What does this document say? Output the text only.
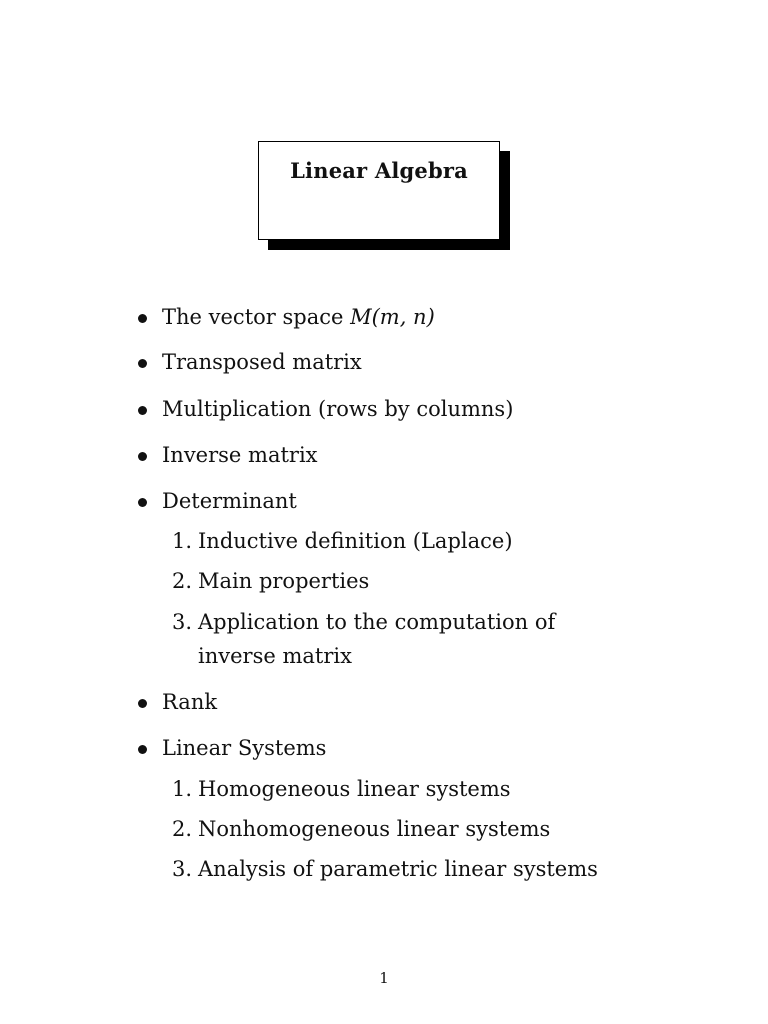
Linear Algebra
The vector space M(m, n)
Transposed matrix
Multiplication (rows by columns)
Inverse matrix
Determinant
1. Inductive definition (Laplace)
2. Main properties
3. Application to the computation of inverse matrix
Rank
Linear Systems
1. Homogeneous linear systems
2. Nonhomogeneous linear systems
3. Analysis of parametric linear systems
1
